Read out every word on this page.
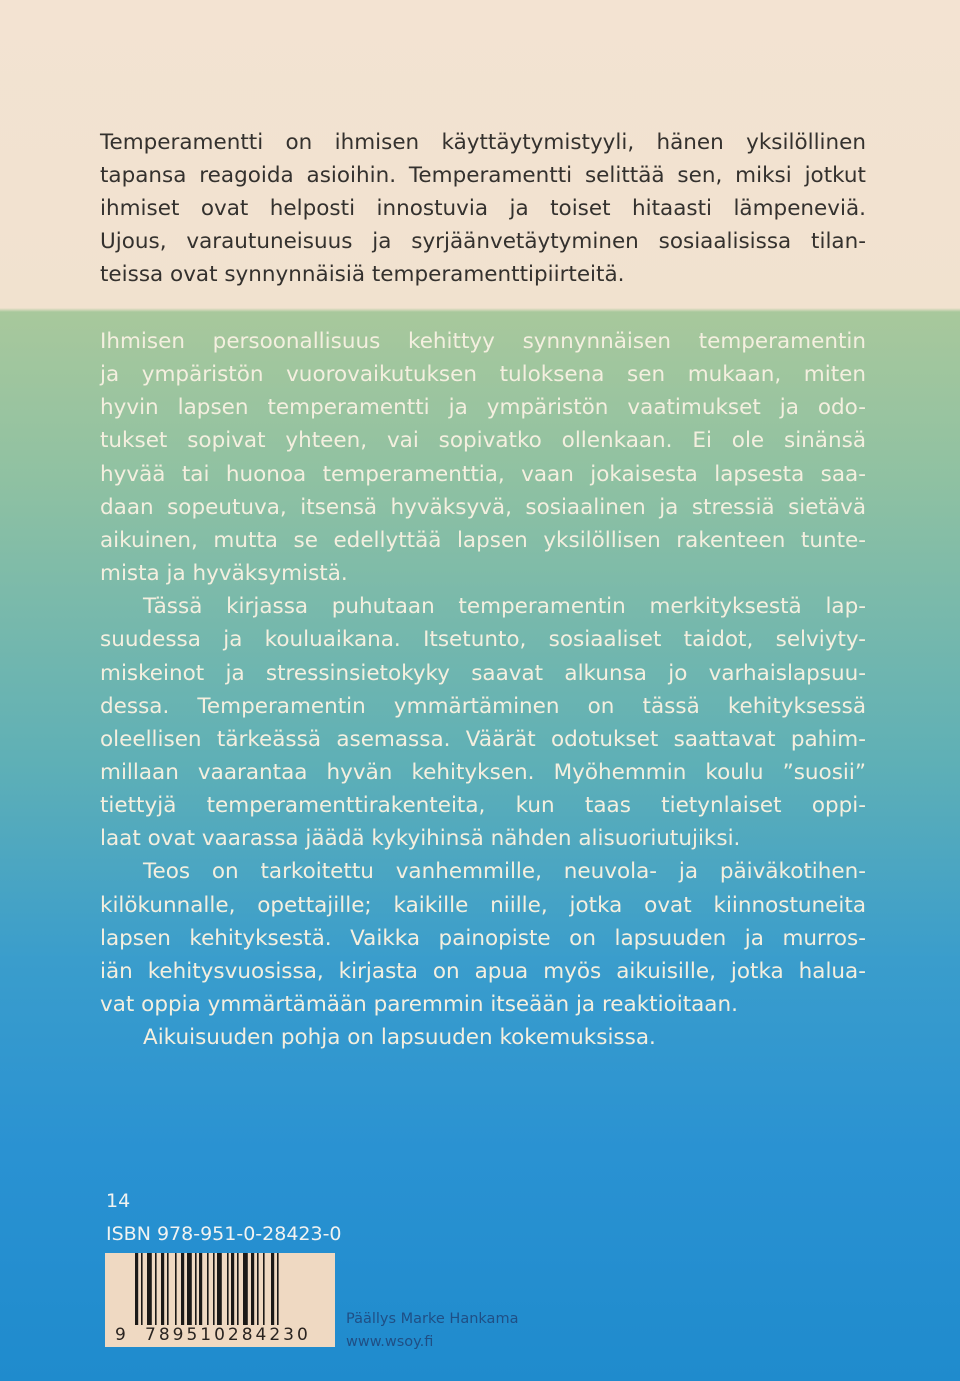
Temperamentti on ihmisen käyttäytymistyyli, hänen yksilöllinen
tapansa reagoida asioihin. Temperamentti selittää sen, miksi jotkut
ihmiset ovat helposti innostuvia ja toiset hitaasti lämpeneviä.
Ujous, varautuneisuus ja syrjäänvetäytyminen sosiaalisissa tilan-
teissa ovat synnynnäisiä temperamenttipiirteitä.
Ihmisen persoonallisuus kehittyy synnynnäisen temperamentin
ja ympäristön vuorovaikutuksen tuloksena sen mukaan, miten
hyvin lapsen temperamentti ja ympäristön vaatimukset ja odo-
tukset sopivat yhteen, vai sopivatko ollenkaan. Ei ole sinänsä
hyvää tai huonoa temperamenttia, vaan jokaisesta lapsesta saa-
daan sopeutuva, itsensä hyväksyvä, sosiaalinen ja stressiä sietävä
aikuinen, mutta se edellyttää lapsen yksilöllisen rakenteen tunte-
mista ja hyväksymistä.
Tässä kirjassa puhutaan temperamentin merkityksestä lap-
suudessa ja kouluaikana. Itsetunto, sosiaaliset taidot, selviyty-
miskeinot ja stressinsietokyky saavat alkunsa jo varhaislapsuu-
dessa. Temperamentin ymmärtäminen on tässä kehityksessä
oleellisen tärkeässä asemassa. Väärät odotukset saattavat pahim-
millaan vaarantaa hyvän kehityksen. Myöhemmin koulu ”suosii”
tiettyjä temperamenttirakenteita, kun taas tietynlaiset oppi-
laat ovat vaarassa jäädä kykyihinsä nähden alisuoriutujiksi.
Teos on tarkoitettu vanhemmille, neuvola- ja päiväkotihen-
kilökunnalle, opettajille; kaikille niille, jotka ovat kiinnostuneita
lapsen kehityksestä. Vaikka painopiste on lapsuuden ja murros-
iän kehitysvuosissa, kirjasta on apua myös aikuisille, jotka halua-
vat oppia ymmärtämään paremmin itseään ja reaktioitaan.
Aikuisuuden pohja on lapsuuden kokemuksissa.
14
ISBN 978-951-0-28423-0
9 789510284230
Päällys Marke Hankama
www.wsoy.fi
